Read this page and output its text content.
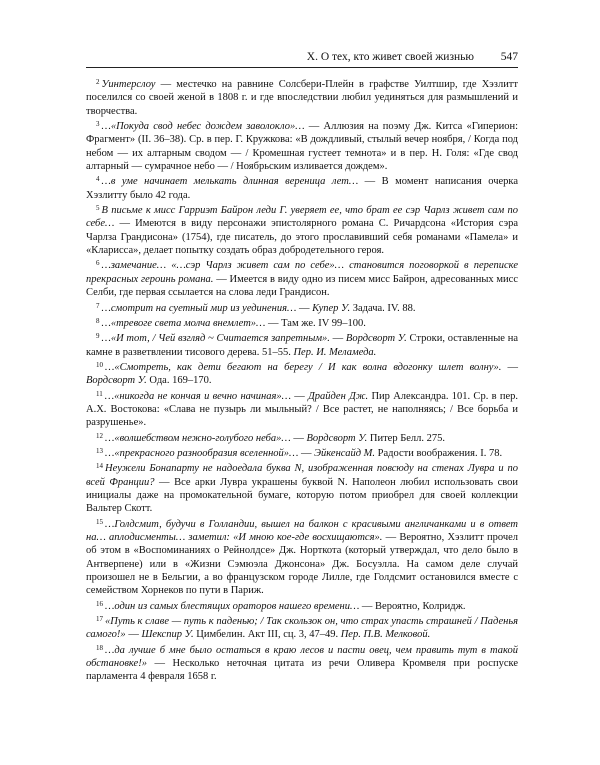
X. О тех, кто живет своей жизнью 547

$^2$ Уинтерслоу — местечко на равнине Солсбери-Плейн в графстве Уилтшир, где Хэзлитт поселился со своей женой в 1808 г. и где впоследствии любил уединяться для размышлений и творчества.

$^3$ …«Покуда свод небес дождем заволокло»… — Аллюзия на поэму Дж. Китса «Гиперион: Фрагмент» (II. 36–38). Ср. в пер. Г. Кружкова: «В дождливый, стылый вечер ноября, / Когда под небом — их алтарным сводом — / Кромешная густеет темнота» и в пер. Н. Голя: «Где свод алтарный — сумрачное небо — / Ноябрьским изливается дождем».

$^4$ …в уме начинает мелькать длинная вереница лет… — В момент написания очерка Хэзлитту было 42 года.

$^5$ В письме к мисс Гарриэт Байрон леди Г. уверяет ее, что брат ее сэр Чарлз живет сам по себе… — Имеются в виду персонажи эпистолярного романа С. Ричардсона «История сэра Чарлза Грандисона» (1754), где писатель, до этого прославивший себя романами «Памела» и «Кларисса», делает попытку создать образ добродетельного героя.

$^6$ …замечание… «…сэр Чарлз живет сам по себе»… становится поговоркой в переписке прекрасных героинь романа. — Имеется в виду одно из писем мисс Байрон, адресованных мисс Селби, где первая ссылается на слова леди Грандисон.

$^7$ …смотрит на суетный мир из уединения… — Купер У. Задача. IV. 88.

$^8$ …«тревоге света молча внемлет»… — Там же. IV 99–100.

$^9$ …«И тот, / Чей взгляд ~ Считается запретным». — Вордсворт У. Строки, оставленные на камне в разветвлении тисового дерева. 51–55. Пер. И. Меламеда.

$^{10}$ …«Смотреть, как дети бегают на берегу / И как волна вдогонку шлет волну». — Вордсворт У. Ода. 169–170.

$^{11}$ …«никогда не кончая и вечно начиная»… — Драйден Дж. Пир Александра. 101. Ср. в пер. А.Х. Востокова: «Слава не пузырь ли мыльный? / Все растет, не наполняясь; / Все борьба и разрушенье».

$^{12}$ …«волшебством нежно-голубого неба»… — Вордсворт У. Питер Белл. 275.

$^{13}$ …«прекрасного разнообразия вселенной»… — Эйкенсайд М. Радости воображения. I. 78.

$^{14}$ Неужели Бонапарту не надоедала буква N, изображенная повсюду на стенах Лувра и по всей Франции? — Все арки Лувра украшены буквой N. Наполеон любил использовать свои инициалы даже на промокательной бумаге, которую потом приобрел для своей коллекции Вальтер Скотт.

$^{15}$ …Голдсмит, будучи в Голландии, вышел на балкон с красивыми англичанками и в ответ на… аплодисменты… заметил: «И мною кое-где восхищаются». — Вероятно, Хэзлитт прочел об этом в «Воспоминаниях о Рейнолдсе» Дж. Норткота (который утверждал, что дело было в Антверпене) или в «Жизни Сэмюэла Джонсона» Дж. Босуэлла. На самом деле случай произошел не в Бельгии, а во французском городе Лилле, где Голдсмит остановился вместе с семейством Хорнеков по пути в Париж.

$^{16}$ …один из самых блестящих ораторов нашего времени… — Вероятно, Колридж.

$^{17}$ «Путь к славе — путь к паденью; / Так скользок он, что страх упасть страшней / Паденья самого!» — Шекспир У. Цимбелин. Акт III, сц. 3, 47–49. Пер. П.В. Мелковой.

$^{18}$ …да лучше б мне было остаться в краю лесов и пасти овец, чем править тут в такой обстановке!» — Несколько неточная цитата из речи Оливера Кромвеля при роспуске парламента 4 февраля 1658 г.
